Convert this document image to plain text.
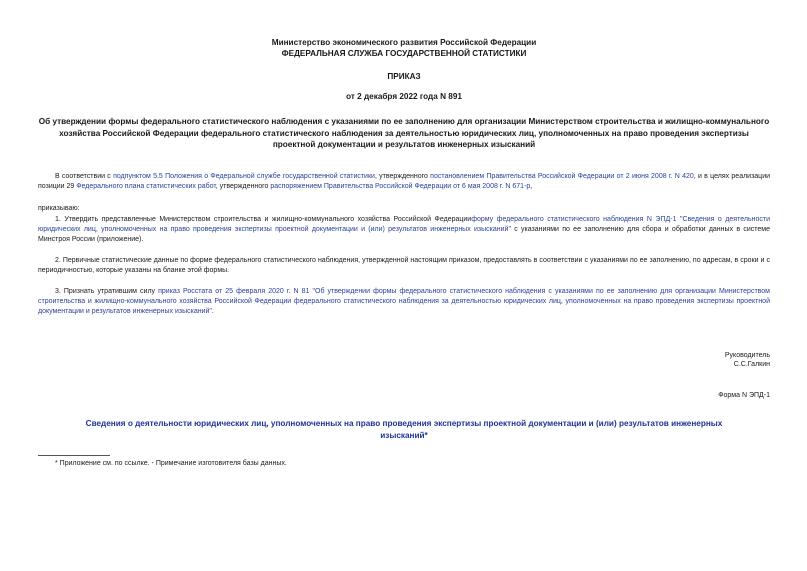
Министерство экономического развития Российской Федерации
ФЕДЕРАЛЬНАЯ СЛУЖБА ГОСУДАРСТВЕННОЙ СТАТИСТИКИ
ПРИКАЗ
от 2 декабря 2022 года N 891
Об утверждении формы федерального статистического наблюдения с указаниями по ее заполнению для организации Министерством строительства и жилищно-коммунального хозяйства Российской Федерации федерального статистического наблюдения за деятельностью юридических лиц, уполномоченных на право проведения экспертизы проектной документации и результатов инженерных изысканий

В соответствии с подпунктом 5.5 Положения о Федеральной службе государственной статистики, утвержденного постановлением Правительства Российской Федерации от 2 июня 2008 г. N 420, и в целях реализации позиции 29 Федерального плана статистических работ, утвержденного распоряжением Правительства Российской Федерации от 6 мая 2008 г. N 671-р,

приказываю:

1. Утвердить представленные Министерством строительства и жилищно-коммунального хозяйства Российской Федерацииформу федерального статистического наблюдения N ЭПД-1 "Сведения о деятельности юридических лиц, уполномоченных на право проведения экспертизы проектной документации и (или) результатов инженерных изысканий" с указаниями по ее заполнению для сбора и обработки данных в системе Минстроя России (приложение).

2. Первичные статистические данные по форме федерального статистического наблюдения, утвержденной настоящим приказом, предоставлять в соответствии с указаниями по ее заполнению, по адресам, в сроки и с периодичностью, которые указаны на бланке этой формы.

3. Признать утратившим силу приказ Росстата от 25 февраля 2020 г. N 81 "Об утверждении формы федерального статистического наблюдения с указаниями по ее заполнению для организации Министерством строительства и жилищно-коммунального хозяйства Российской Федерации федерального статистического наблюдения за деятельностью юридических лиц, уполномоченных на право проведения экспертизы проектной документации и результатов инженерных изысканий".

Руководитель
С.С.Галкин
Форма N ЭПД-1
Сведения о деятельности юридических лиц, уполномоченных на право проведения экспертизы проектной документации и (или) результатов инженерных изысканий*
* Приложение см. по ссылке. - Примечание изготовителя базы данных.
